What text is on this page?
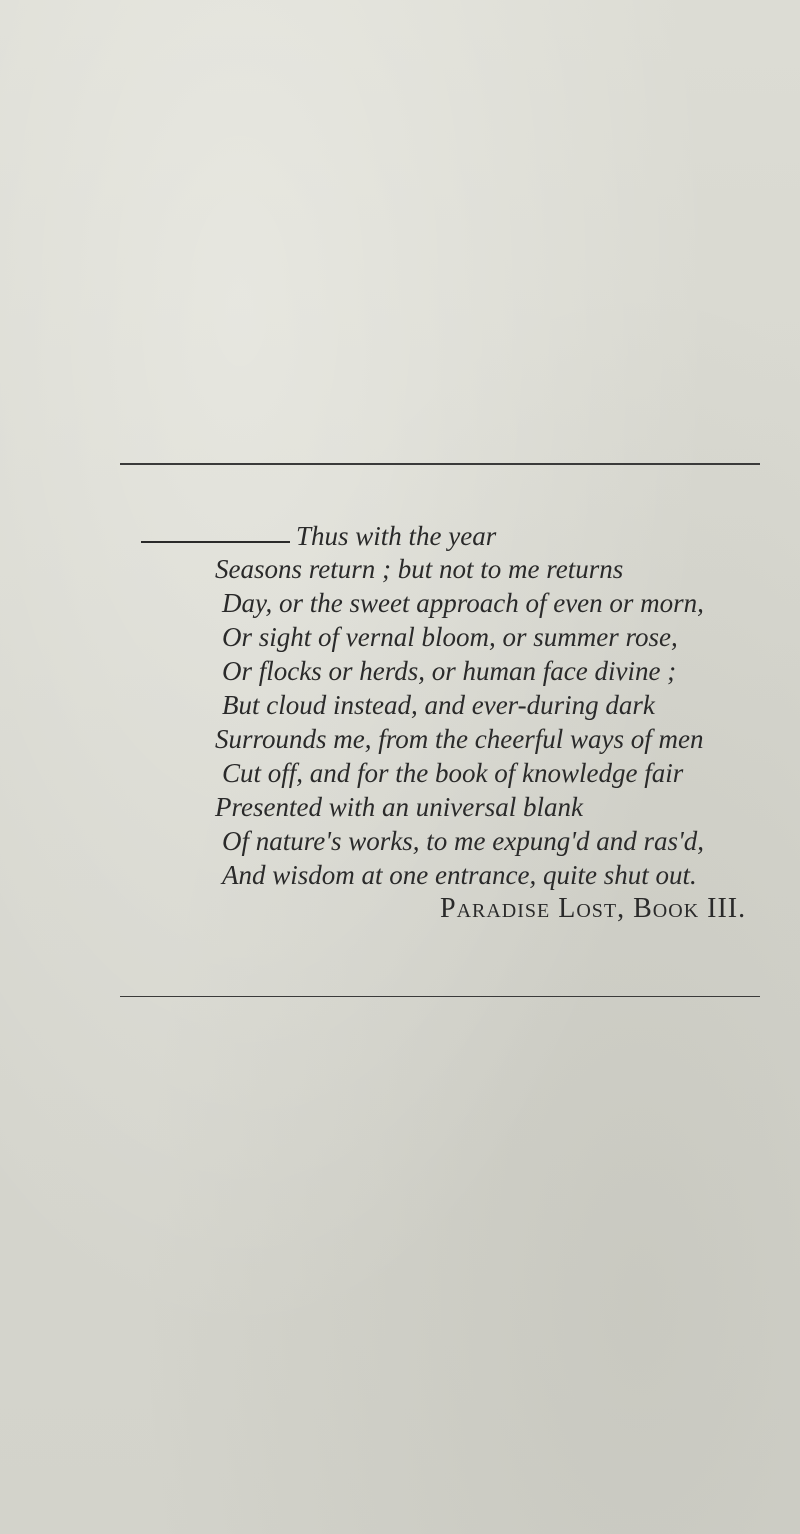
Thus with the year
Seasons return ; but not to me returns
Day, or the sweet approach of even or morn,
Or sight of vernal bloom, or summer rose,
Or flocks or herds, or human face divine ;
But cloud instead, and ever-during dark
Surrounds me, from the cheerful ways of men
Cut off, and for the book of knowledge fair
Presented with an universal blank
Of nature's works, to me expung'd and ras'd,
And wisdom at one entrance, quite shut out.
Paradise Lost, Book III.
